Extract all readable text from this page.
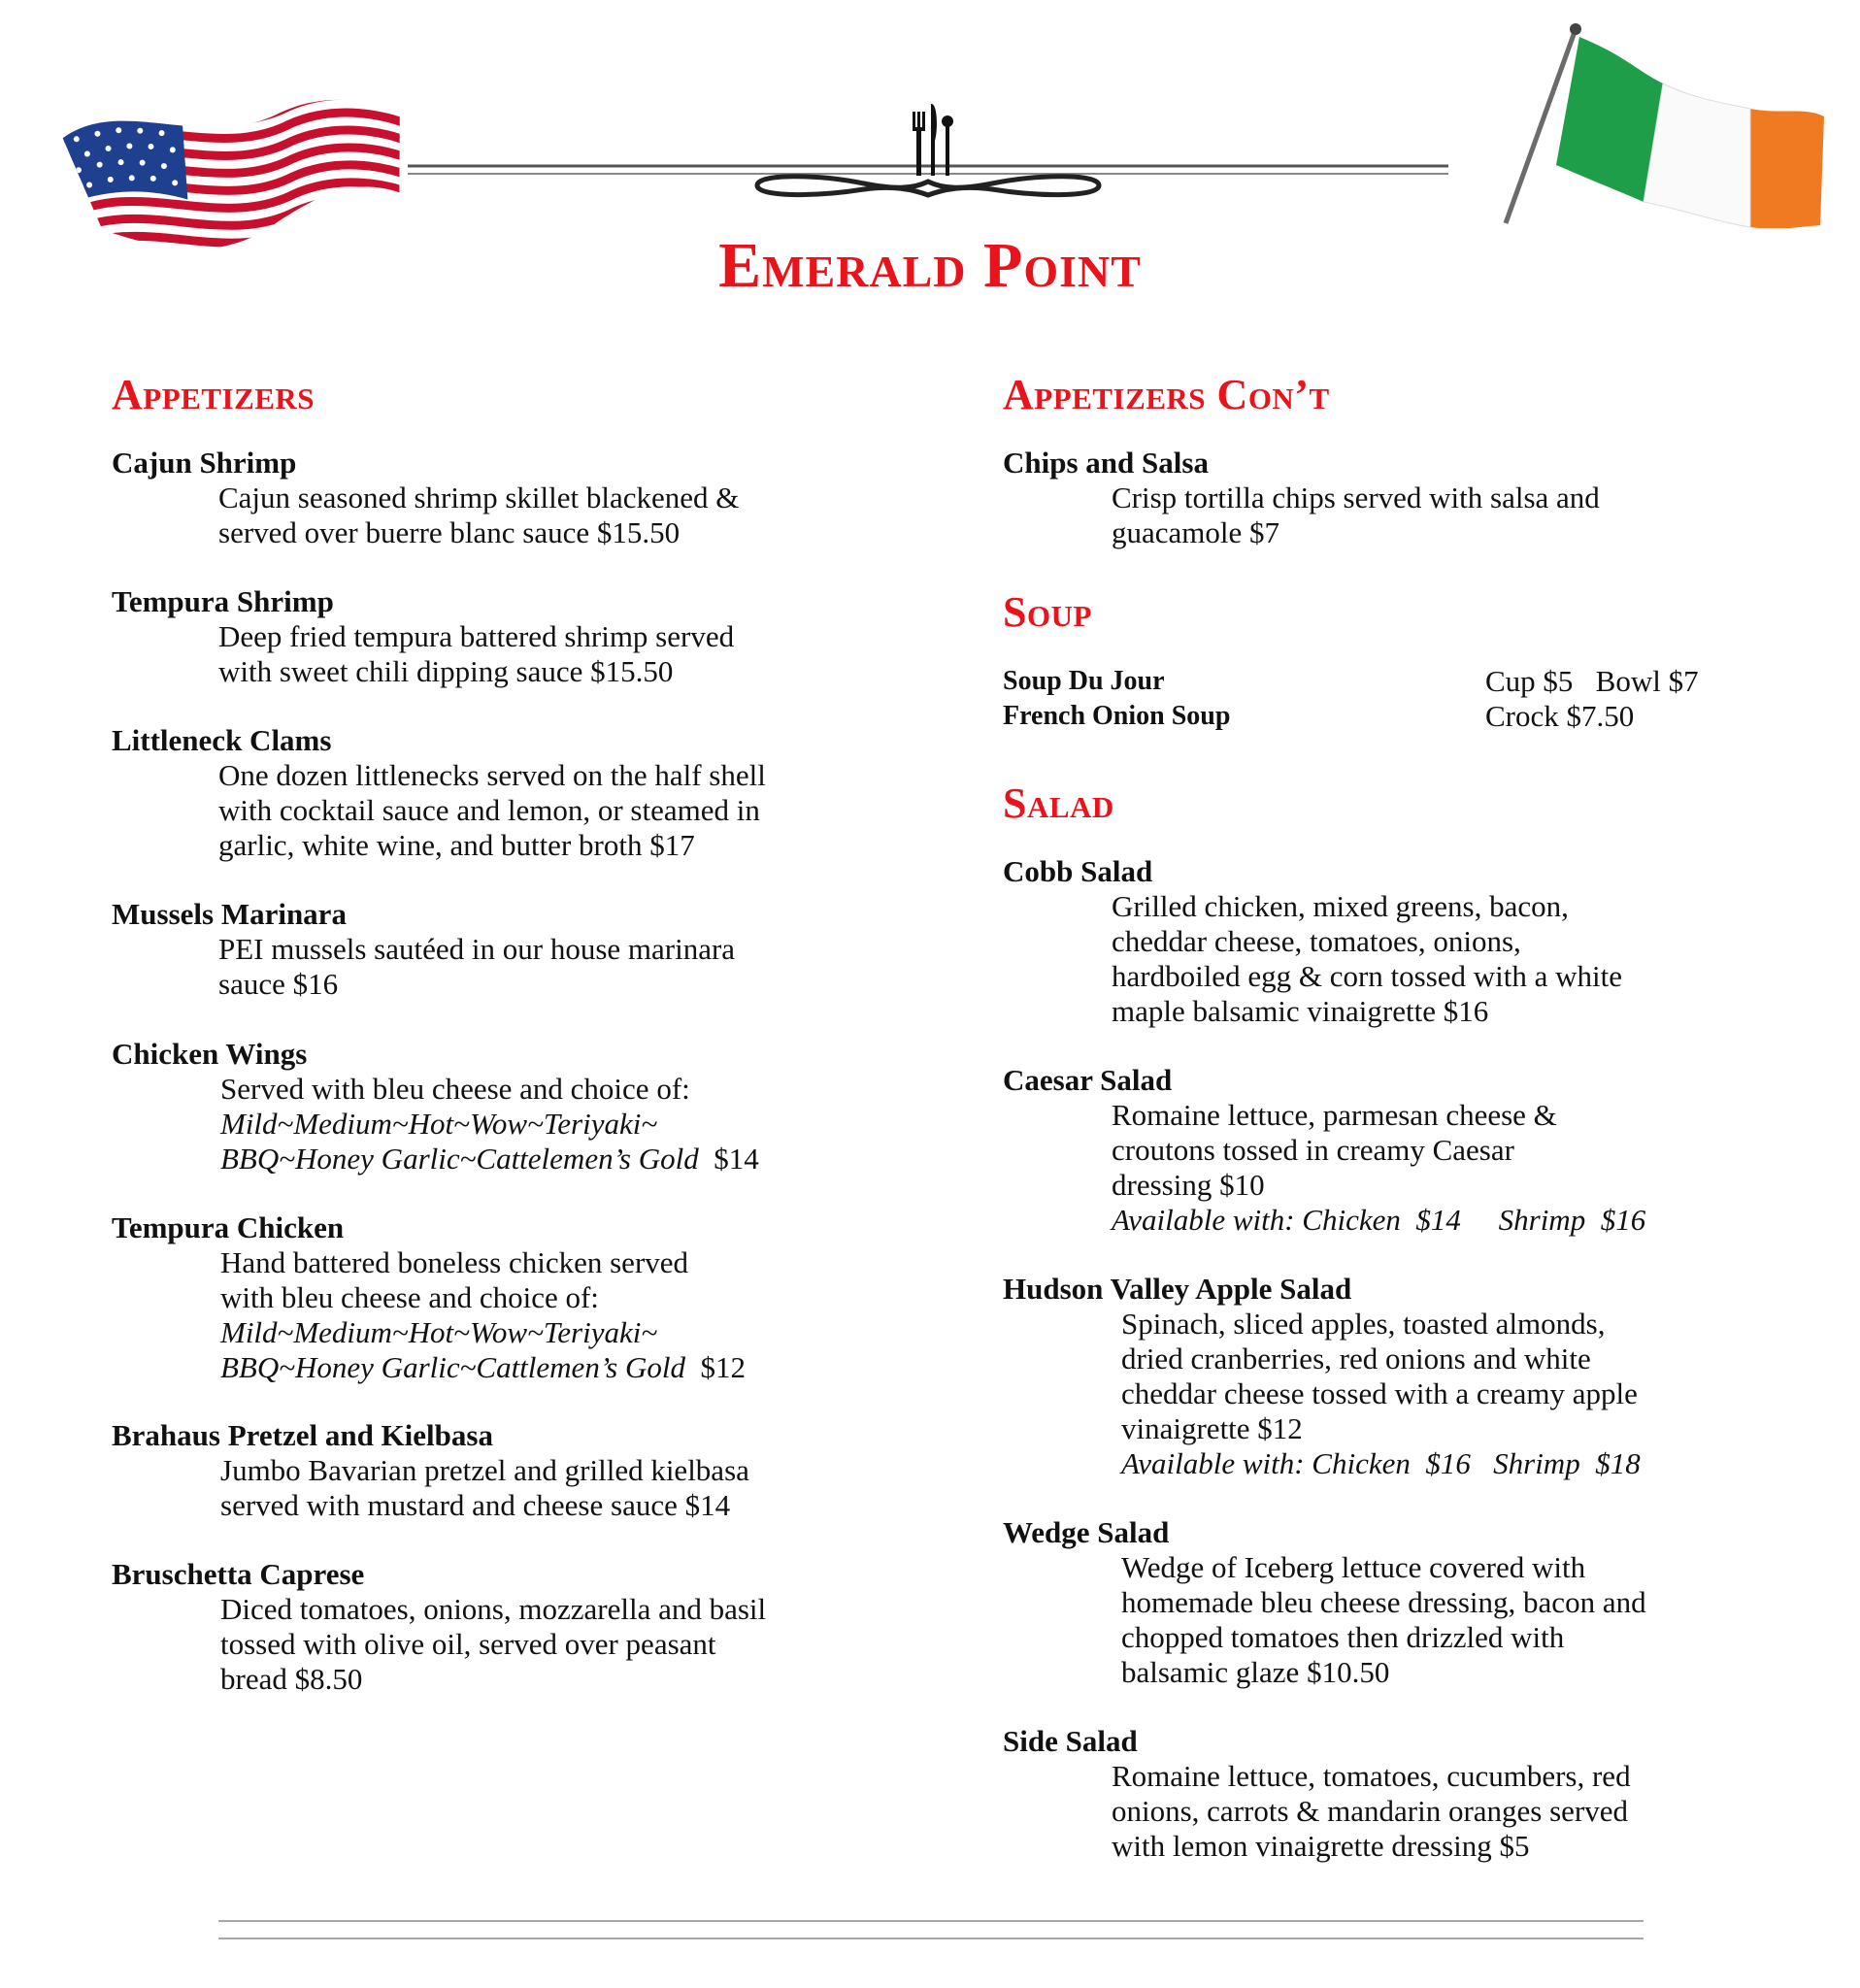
Emerald Point
Appetizers

Cajun Shrimp

Cajun seasoned shrimp skillet blackened &

served over buerre blanc sauce $15.50

Tempura Shrimp

Deep fried tempura battered shrimp served

with sweet chili dipping sauce $15.50

Littleneck Clams

One dozen littlenecks served on the half shell

with cocktail sauce and lemon, or steamed in

garlic, white wine, and butter broth $17

Mussels Marinara

PEI mussels sautéed in our house marinara

sauce $16

Chicken Wings

Served with bleu cheese and choice of:

Mild~Medium~Hot~Wow~Teriyaki~

BBQ~Honey Garlic~Cattelemen’s Gold $14

Tempura Chicken

Hand battered boneless chicken served

with bleu cheese and choice of:

Mild~Medium~Hot~Wow~Teriyaki~

BBQ~Honey Garlic~Cattlemen’s Gold $12

Brahaus Pretzel and Kielbasa

Jumbo Bavarian pretzel and grilled kielbasa

served with mustard and cheese sauce $14

Bruschetta Caprese

Diced tomatoes, onions, mozzarella and basil

tossed with olive oil, served over peasant

bread $8.50

Appetizers Con’t

Chips and Salsa

Crisp tortilla chips served with salsa and

guacamole $7

Soup
Soup Du Jour	Cup $5   Bowl $7
French Onion Soup	Crock $7.50
Salad

Cobb Salad

Grilled chicken, mixed greens, bacon,

cheddar cheese, tomatoes, onions,

hardboiled egg & corn tossed with a white

maple balsamic vinaigrette $16

Caesar Salad

Romaine lettuce, parmesan cheese &

croutons tossed in creamy Caesar

dressing $10

Available with: Chicken  $14     Shrimp  $16

Hudson Valley Apple Salad

Spinach, sliced apples, toasted almonds,

dried cranberries, red onions and white

cheddar cheese tossed with a creamy apple

vinaigrette $12

Available with: Chicken  $16   Shrimp  $18

Wedge Salad

Wedge of Iceberg lettuce covered with

homemade bleu cheese dressing, bacon and

chopped tomatoes then drizzled with

balsamic glaze $10.50

Side Salad

Romaine lettuce, tomatoes, cucumbers, red

onions, carrots & mandarin oranges served

with lemon vinaigrette dressing $5
